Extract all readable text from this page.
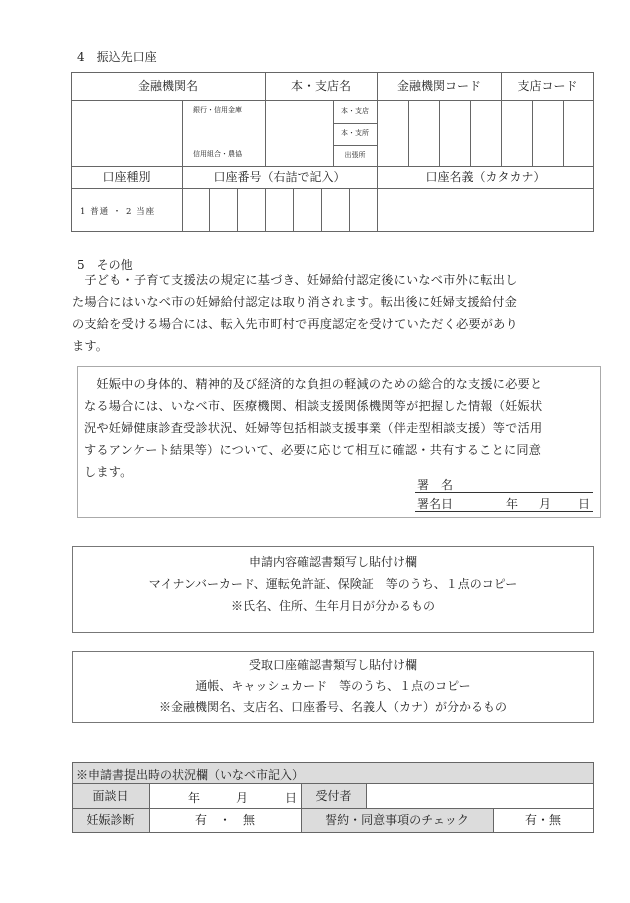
4　振込先口座
金融機関名	本・支店名	金融機関コード	支店コード
銀行・信用金庫
信用組合・農協
本・支店
本・支所
出張所
口座種別	口座番号（右詰で記入）	口座名義（カタカナ）
1 普通 ・ 2 当座
5　その他
　子ども・子育て支援法の規定に基づき、妊婦給付認定後にいなべ市外に転出し
た場合にはいなべ市の妊婦給付認定は取り消されます。転出後に妊婦支援給付金
の支給を受ける場合には、転入先市町村で再度認定を受けていただく必要があり
ます。
　妊娠中の身体的、精神的及び経済的な負担の軽減のための総合的な支援に必要と
なる場合には、いなべ市、医療機関、相談支援関係機関等が把握した情報（妊娠状
況や妊婦健康診査受診状況、妊婦等包括相談支援事業（伴走型相談支援）等で活用
するアンケート結果等）について、必要に応じて相互に確認・共有することに同意
します。
署　名
署名日	年 月 日
申請内容確認書類写し貼付け欄
マイナンバーカード、運転免許証、保険証　等のうち、１点のコピー
※氏名、住所、生年月日が分かるもの
受取口座確認書類写し貼付け欄
通帳、キャッシュカード　等のうち、１点のコピー
※金融機関名、支店名、口座番号、名義人（カナ）が分かるもの
※申請書提出時の状況欄（いなべ市記入）
面談日	年	月	日	受付者
妊娠診断	有　・　無	誓約・同意事項のチェック	有・無
